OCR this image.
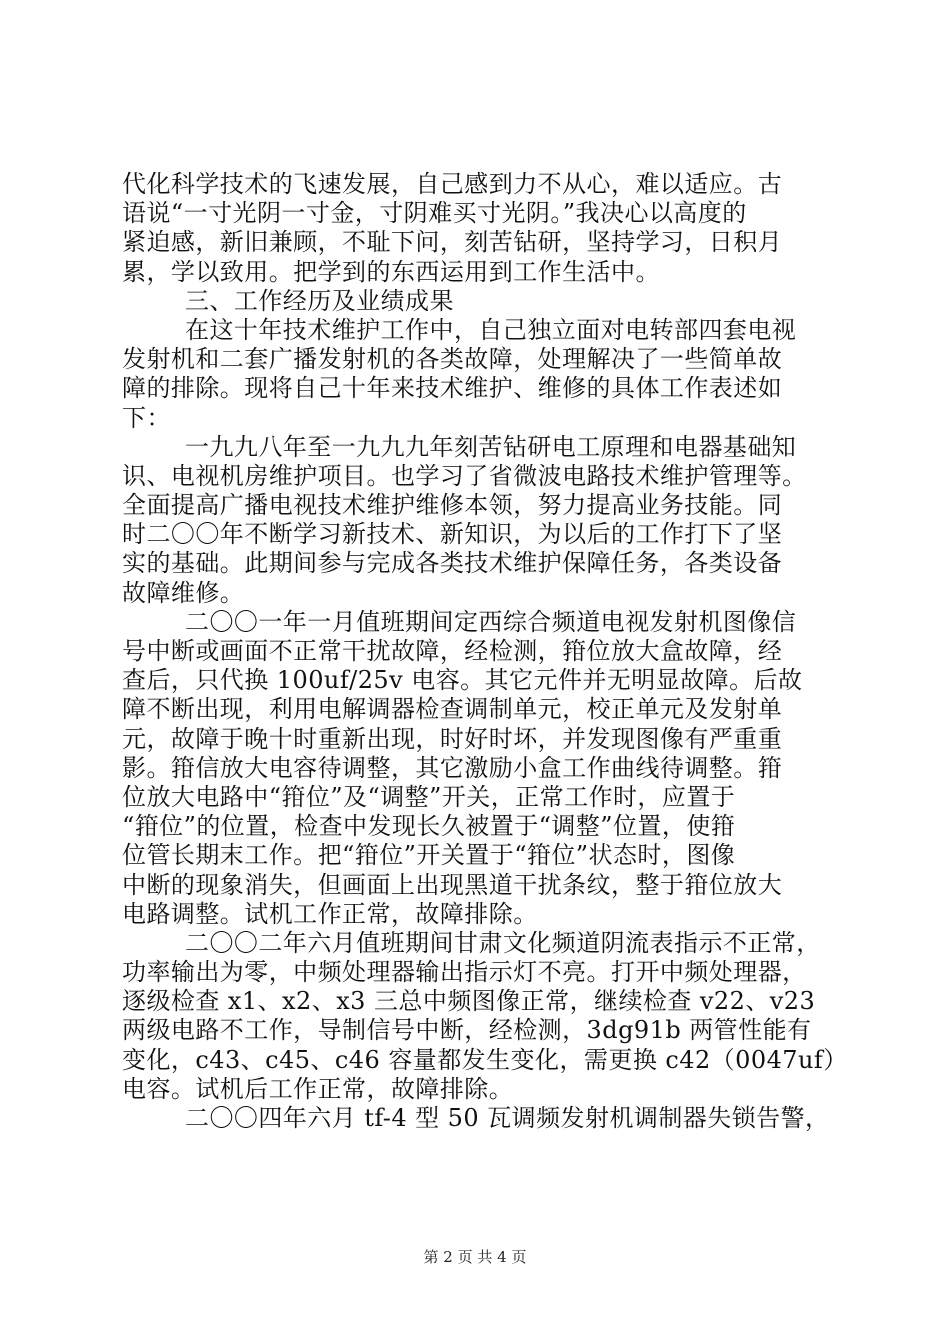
代化科学技术的飞速发展，自己感到力不从心，难以适应。古
语说“一寸光阴一寸金，寸阴难买寸光阴。”我决心以高度的
紧迫感，新旧兼顾，不耻下问，刻苦钻研，坚持学习，日积月
累，学以致用。把学到的东西运用到工作生活中。
三、工作经历及业绩成果
在这十年技术维护工作中，自己独立面对电转部四套电视
发射机和二套广播发射机的各类故障，处理解决了一些简单故
障的排除。现将自己十年来技术维护、维修的具体工作表述如
下：
一九九八年至一九九九年刻苦钻研电工原理和电器基础知
识、电视机房维护项目。也学习了省微波电路技术维护管理等。
全面提高广播电视技术维护维修本领，努力提高业务技能。同
时二〇〇年不断学习新技术、新知识，为以后的工作打下了坚
实的基础。此期间参与完成各类技术维护保障任务，各类设备
故障维修。
二〇〇一年一月值班期间定西综合频道电视发射机图像信
号中断或画面不正常干扰故障，经检测，箝位放大盒故障，经
查后，只代换 100uf/25v 电容。其它元件并无明显故障。后故
障不断出现，利用电解调器检查调制单元，校正单元及发射单
元，故障于晚十时重新出现，时好时坏，并发现图像有严重重
影。箝信放大电容待调整，其它激励小盒工作曲线待调整。箝
位放大电路中“箝位”及“调整”开关，正常工作时，应置于
“箝位”的位置，检查中发现长久被置于“调整”位置，使箝
位管长期末工作。把“箝位”开关置于“箝位”状态时，图像
中断的现象消失，但画面上出现黑道干扰条纹，整于箝位放大
电路调整。试机工作正常，故障排除。
二〇〇二年六月值班期间甘肃文化频道阴流表指示不正常，
功率输出为零，中频处理器输出指示灯不亮。打开中频处理器，
逐级检查 x1、x2、x3 三总中频图像正常，继续检查 v22、v23
两级电路不工作，导制信号中断，经检测，3dg91b 两管性能有
变化，c43、c45、c46 容量都发生变化，需更换 c42（0047uf）
电容。试机后工作正常，故障排除。
二〇〇四年六月 tf-4 型 50 瓦调频发射机调制器失锁告警，
第 2 页 共 4 页
